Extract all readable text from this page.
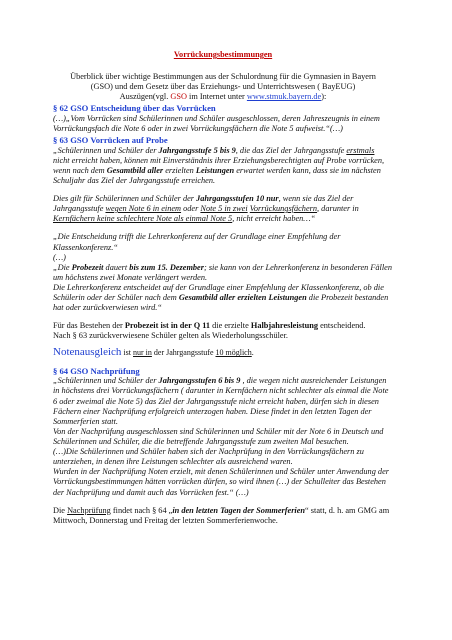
Vorrückungsbestimmungen

Überblick über wichtige Bestimmungen aus der Schulordnung für die Gymnasien in Bayern

(GSO) und dem Gesetz über das Erziehungs- und Unterrichtswesen ( BayEUG)

Auszügen(vgl. GSO im Internet unter www.stmuk.bayern.de):

§ 62 GSO Entscheidung über das Vorrücken

(…)„Vom Vorrücken sind Schülerinnen und Schüler ausgeschlossen, deren Jahreszeugnis in einem Vorrückungsfach die Note 6 oder in zwei Vorrückungsfächern die Note 5 aufweist.“(…)

§ 63 GSO Vorrücken auf Probe

„Schülerinnen und Schüler der Jahrgangsstufe 5 bis 9, die das Ziel der Jahrgangsstufe erstmals nicht erreicht haben, können mit Einverständnis ihrer Erziehungsberechtigten auf Probe vorrücken, wenn nach dem Gesamtbild aller erzielten Leistungen erwartet werden kann, dass sie im nächsten Schuljahr das Ziel der Jahrgangsstufe erreichen.

Dies gilt für Schülerinnen und Schüler der Jahrgangsstufen 10 nur, wenn sie das Ziel der Jahrgangsstufe wegen Note 6 in einem oder Note 5 in zwei Vorrückungsfächern, darunter in Kernfächern keine schlechtere Note als einmal Note 5, nicht erreicht haben…“

„Die Entscheidung trifft die Lehrerkonferenz auf der Grundlage einer Empfehlung der Klassenkonferenz.“

(…)

„Die Probezeit dauert bis zum 15. Dezember; sie kann von der Lehrerkonferenz in besonderen Fällen um höchstens zwei Monate verlängert werden.

Die Lehrerkonferenz entscheidet auf der Grundlage einer Empfehlung der Klassenkonferenz, ob die Schülerin oder der Schüler nach dem Gesamtbild aller erzielten Leistungen die Probezeit bestanden hat oder zurückverwiesen wird.“

Für das Bestehen der Probezeit ist in der Q 11 die erzielte Halbjahresleistung entscheidend.

Nach § 63 zurückverwiesene Schüler gelten als Wiederholungsschüler.

Notenausgleich ist nur in der Jahrgangsstufe 10 möglich.

§ 64 GSO Nachprüfung

„Schülerinnen und Schüler der Jahrgangsstufen 6 bis 9 , die wegen nicht ausreichender Leistungen in höchstens drei Vorrückungsfächern ( darunter in Kernfächern nicht schlechter als einmal die Note 6 oder zweimal die Note 5) das Ziel der Jahrgangsstufe nicht erreicht haben, dürfen sich in diesen Fächern einer Nachprüfung erfolgreich unterzogen haben. Diese findet in den letzten Tagen der Sommerferien statt.

Von der Nachprüfung ausgeschlossen sind Schülerinnen und Schüler mit der Note 6 in Deutsch und Schülerinnen und Schüler, die die betreffende Jahrgangsstufe zum zweiten Mal besuchen.

(…)Die Schülerinnen und Schüler haben sich der Nachprüfung in den Vorrückungsfächern zu unterziehen, in denen ihre Leistungen schlechter als ausreichend waren.

Wurden in der Nachprüfung Noten erzielt, mit denen Schülerinnen und Schüler unter Anwendung der Vorrückungsbestimmungen hätten vorrücken dürfen, so wird ihnen (…) der Schulleiter das Bestehen der Nachprüfung und damit auch das Vorrücken fest.“ (…)

Die Nachprüfung findet nach § 64 „in den letzten Tagen der Sommerferien“ statt, d. h. am GMG am Mittwoch, Donnerstag und Freitag der letzten Sommerferienwoche.
